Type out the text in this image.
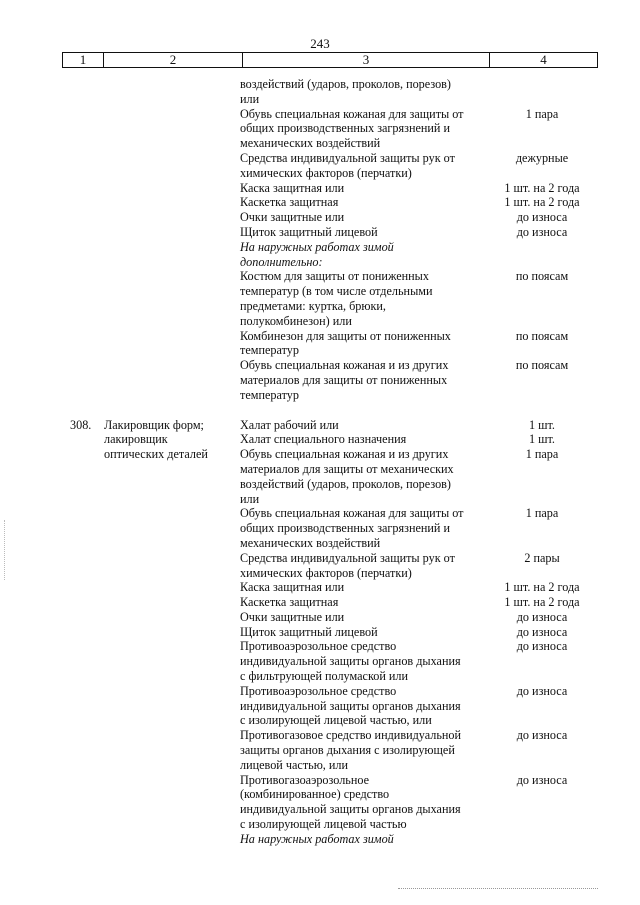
243
1	2	3	4
воздействий (ударов, проколов, порезов)
или
Обувь специальная кожаная для защиты от	1 пара
общих производственных загрязнений и
механических воздействий
Средства индивидуальной защиты рук от	дежурные
химических факторов (перчатки)
Каска защитная или	1 шт. на 2 года
Каскетка защитная	1 шт. на 2 года
Очки защитные или	до износа
Щиток защитный лицевой	до износа
На наружных работах зимой
дополнительно:
Костюм для защиты от пониженных	по поясам
температур (в том числе отдельными
предметами: куртка, брюки,
полукомбинезон) или
Комбинезон для защиты от пониженных	по поясам
температур
Обувь специальная кожаная и из других	по поясам
материалов для защиты от пониженных
температур
308.	Лакировщик форм;
лакировщик
оптических деталей
Халат рабочий или	1 шт.
Халат специального назначения	1 шт.
Обувь специальная кожаная и из других	1 пара
материалов для защиты от механических
воздействий (ударов, проколов, порезов)
или
Обувь специальная кожаная для защиты от	1 пара
общих производственных загрязнений и
механических воздействий
Средства индивидуальной защиты рук от	2 пары
химических факторов (перчатки)
Каска защитная или	1 шт. на 2 года
Каскетка защитная	1 шт. на 2 года
Очки защитные или	до износа
Щиток защитный лицевой	до износа
Противоаэрозольное средство	до износа
индивидуальной защиты органов дыхания
с фильтрующей полумаской или
Противоаэрозольное средство	до износа
индивидуальной защиты органов дыхания
с изолирующей лицевой частью, или
Противогазовое средство индивидуальной	до износа
защиты органов дыхания с изолирующей
лицевой частью, или
Противогазоаэрозольное	до износа
(комбинированное) средство
индивидуальной защиты органов дыхания
с изолирующей лицевой частью
На наружных работах зимой
